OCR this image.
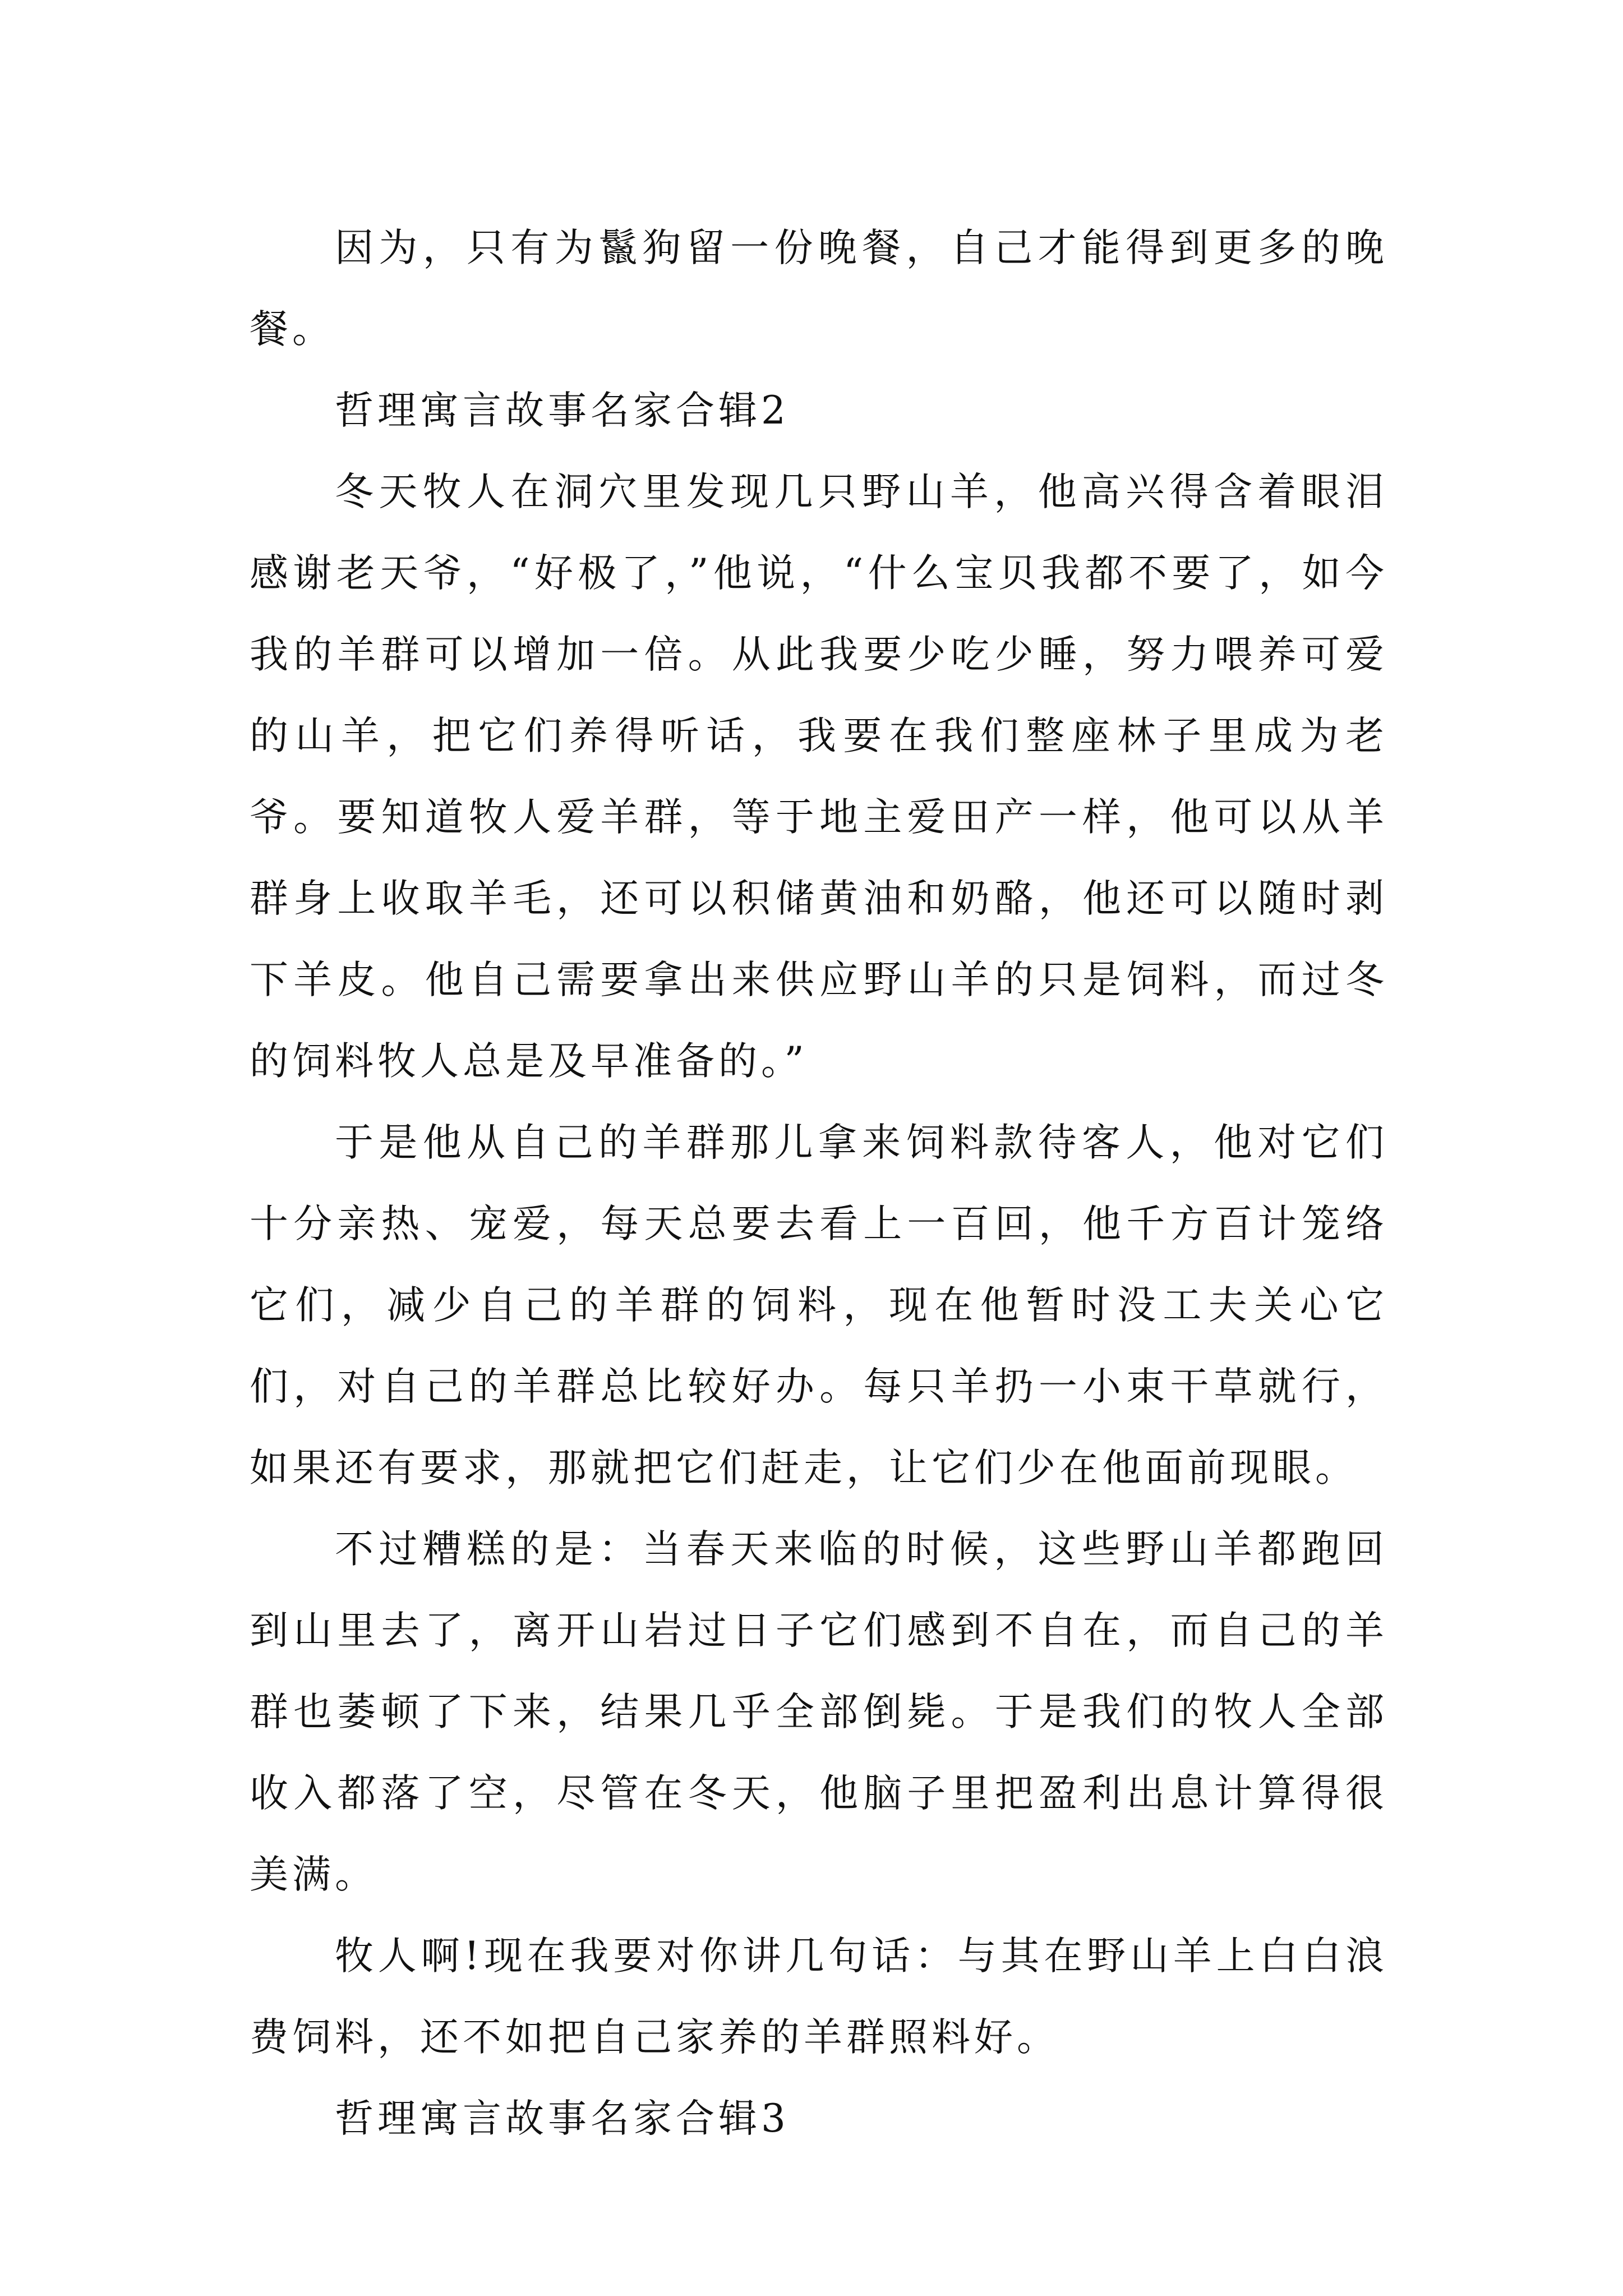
因为，只有为鬣狗留一份晚餐，自己才能得到更多的晚餐。

哲理寓言故事名家合辑2

冬天牧人在洞穴里发现几只野山羊，他高兴得含着眼泪感谢老天爷，“好极了，”他说，“什么宝贝我都不要了，如今我的羊群可以增加一倍。从此我要少吃少睡，努力喂养可爱的山羊，把它们养得听话，我要在我们整座林子里成为老爷。要知道牧人爱羊群，等于地主爱田产一样，他可以从羊群身上收取羊毛，还可以积储黄油和奶酪，他还可以随时剥下羊皮。他自己需要拿出来供应野山羊的只是饲料，而过冬的饲料牧人总是及早准备的。”

于是他从自己的羊群那儿拿来饲料款待客人，他对它们十分亲热、宠爱，每天总要去看上一百回，他千方百计笼络它们，减少自己的羊群的饲料，现在他暂时没工夫关心它们，对自己的羊群总比较好办。每只羊扔一小束干草就行，如果还有要求，那就把它们赶走，让它们少在他面前现眼。

不过糟糕的是：当春天来临的时候，这些野山羊都跑回到山里去了，离开山岩过日子它们感到不自在，而自己的羊群也萎顿了下来，结果几乎全部倒毙。于是我们的牧人全部收入都落了空，尽管在冬天，他脑子里把盈利出息计算得很美满。

牧人啊!现在我要对你讲几句话：与其在野山羊上白白浪费饲料，还不如把自己家养的羊群照料好。

哲理寓言故事名家合辑3
